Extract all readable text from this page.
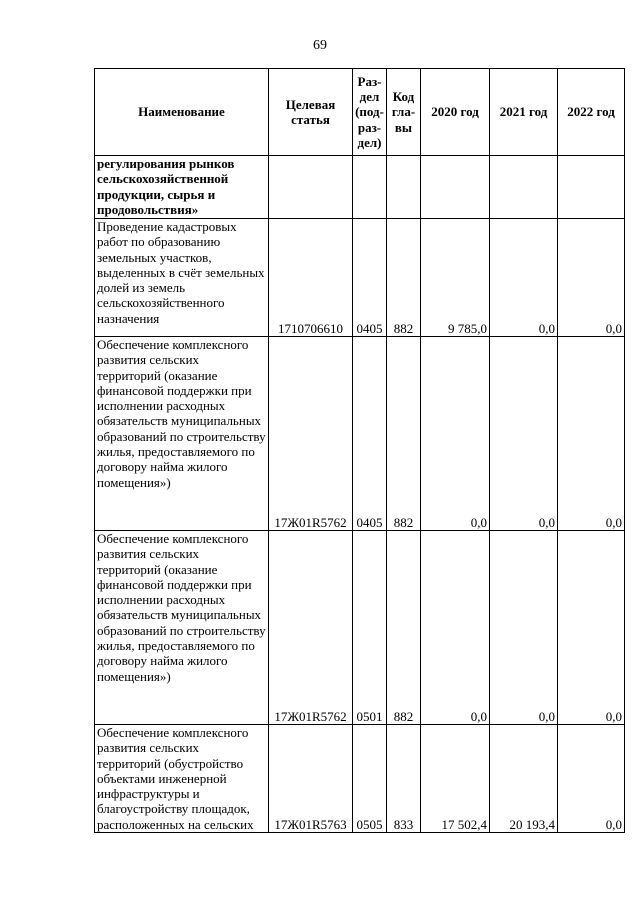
69
Наименование	Целевая статья	Раз-дел (под-раз-дел)	Код гла-вы	2020 год	2021 год	2022 год
регулирования рынков сельскохозяйственной продукции, сырья и продовольствия»						
Проведение кадастровых работ по образованию земельных участков, выделенных в счёт земельных долей из земель сельскохозяйственного назначения	1710706610	0405	882	9 785,0	0,0	0,0
Обеспечение комплексного развития сельских территорий (оказание финансовой поддержки при исполнении расходных обязательств муниципальных образований по строительству жилья, предоставляемого по договору найма жилого помещения»)	17Ж01R5762	0405	882	0,0	0,0	0,0
Обеспечение комплексного развития сельских территорий (оказание финансовой поддержки при исполнении расходных обязательств муниципальных образований по строительству жилья, предоставляемого по договору найма жилого помещения»)	17Ж01R5762	0501	882	0,0	0,0	0,0
Обеспечение комплексного развития сельских территорий (обустройство объектами инженерной инфраструктуры и благоустройству площадок, расположенных на сельских	17Ж01R5763	0505	833	17 502,4	20 193,4	0,0
